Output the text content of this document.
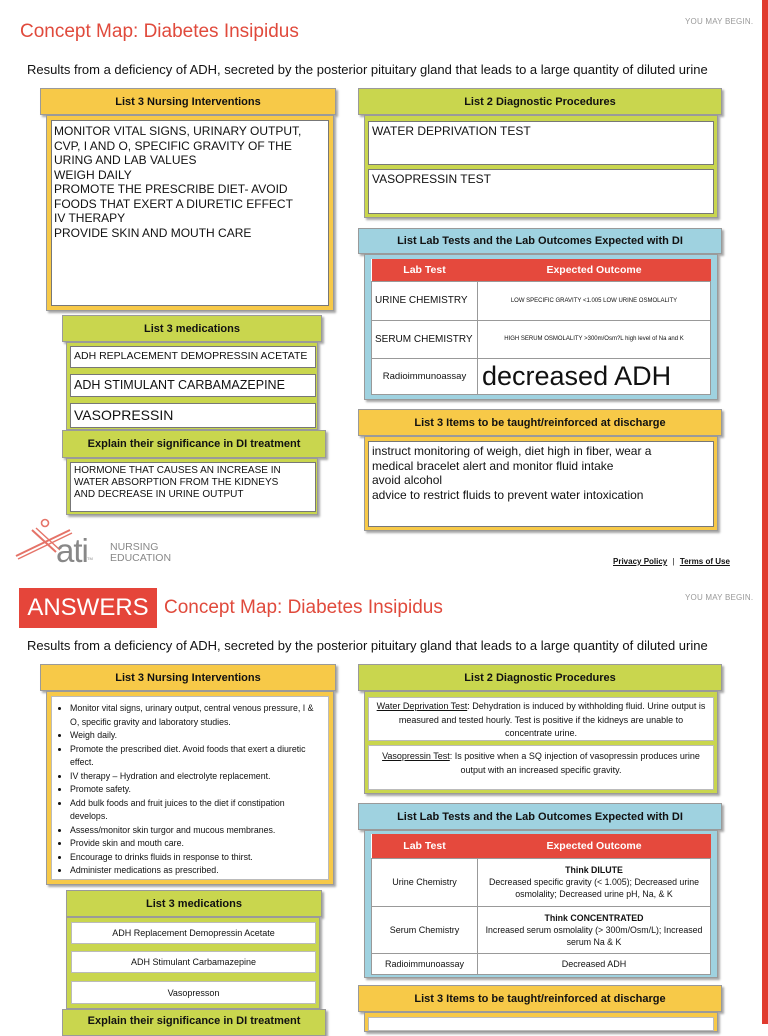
Concept Map: Diabetes Insipidus	YOU MAY BEGIN.
Results from a deficiency of ADH, secreted by the posterior pituitary gland that leads to a large quantity of diluted urine
List 3 Nursing Interventions
MONITOR VITAL SIGNS, URINARY OUTPUT,
CVP, I AND O, SPECIFIC GRAVITY OF THE
URING AND LAB VALUES
WEIGH DAILY
PROMOTE THE PRESCRIBE DIET- AVOID
FOODS THAT EXERT A DIURETIC EFFECT
IV THERAPY
PROVIDE SKIN AND MOUTH CARE
List 2 Diagnostic Procedures
WATER DEPRIVATION TEST
VASOPRESSIN TEST
List Lab Tests and the Lab Outcomes Expected with DI
Lab Test	Expected Outcome
URINE CHEMISTRY	LOW SPECIFIC GRAVITY <1.005 LOW URINE OSMOLALITY
SERUM CHEMISTRY	HIGH SERUM OSMOLALITY >300m/Osm?L high level of Na and K
Radioimmunoassay	decreased ADH
List 3 medications
ADH REPLACEMENT DEMOPRESSIN ACETATE
ADH STIMULANT CARBAMAZEPINE
VASOPRESSIN
Explain their significance in DI treatment
HORMONE THAT CAUSES AN INCREASE IN
WATER ABSORPTION FROM THE KIDNEYS
AND DECREASE IN URINE OUTPUT
List 3 Items to be taught/reinforced at discharge
instruct monitoring of weigh, diet high in fiber, wear a
medical bracelet alert and monitor fluid intake
avoid alcohol
advice to restrict fluids to prevent water intoxication
ati TM
NURSING
EDUCATION	Privacy Policy | Terms of Use
ANSWERS Concept Map: Diabetes Insipidus	YOU MAY BEGIN.
Results from a deficiency of ADH, secreted by the posterior pituitary gland that leads to a large quantity of diluted urine
List 3 Nursing Interventions
• Monitor vital signs, urinary output, central venous pressure, I & O, specific gravity and laboratory studies.
• Weigh daily.
• Promote the prescribed diet. Avoid foods that exert a diuretic effect.
• IV therapy – Hydration and electrolyte replacement.
• Promote safety.
• Add bulk foods and fruit juices to the diet if constipation develops.
• Assess/monitor skin turgor and mucous membranes.
• Provide skin and mouth care.
• Encourage to drinks fluids in response to thirst.
• Administer medications as prescribed.
List 2 Diagnostic Procedures
Water Deprivation Test: Dehydration is induced by withholding fluid. Urine output is measured and tested hourly. Test is positive if the kidneys are unable to concentrate urine.
Vasopressin Test: Is positive when a SQ injection of vasopressin produces urine output with an increased specific gravity.
List Lab Tests and the Lab Outcomes Expected with DI
Lab Test	Expected Outcome
Urine Chemistry	Think DILUTE
Decreased specific gravity (< 1.005); Decreased urine osmolality; Decreased urine pH, Na, & K

Serum Chemistry	Think CONCENTRATED
Increased serum osmolality (> 300m/Osm/L); Increased serum Na & K

Radioimmunoassay	Decreased ADH
List 3 medications
ADH Replacement Demopressin Acetate
ADH Stimulant Carbamazepine
Vasopresson
Explain their significance in DI treatment
List 3 Items to be taught/reinforced at discharge
